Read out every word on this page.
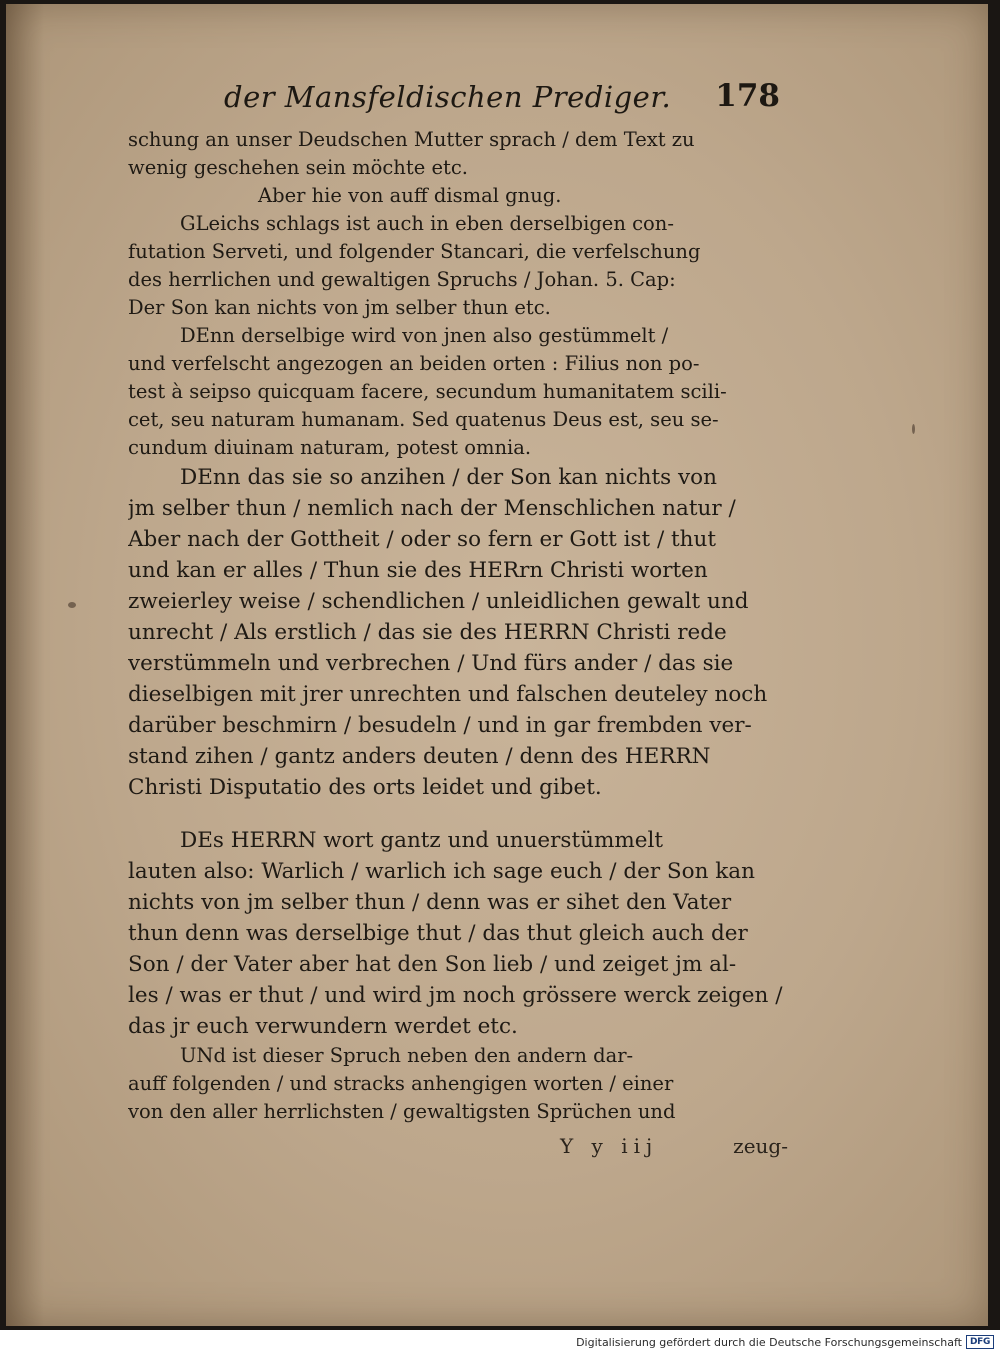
der Mansfeldischen Prediger. 178
schung an unser Deudschen Mutter sprach / dem Text zu
wenig geschehen sein möchte etc.
Aber hie von auff dismal gnug.
GLeichs schlags ist auch in eben derselbigen con-
futation Serveti, und folgender Stancari, die verfelschung
des herrlichen und gewaltigen Spruchs / Johan. 5. Cap:
Der Son kan nichts von jm selber thun etc.
DEnn derselbige wird von jnen also gestümmelt /
und verfelscht angezogen an beiden orten : Filius non po-
test à seipso quicquam facere, secundum humanitatem scili-
cet, seu naturam humanam. Sed quatenus Deus est, seu se-
cundum diuinam naturam, potest omnia.
DEnn das sie so anzihen / der Son kan nichts von
jm selber thun / nemlich nach der Menschlichen natur /
Aber nach der Gottheit / oder so fern er Gott ist / thut
und kan er alles / Thun sie des HERrn Christi worten
zweierley weise / schendlichen / unleidlichen gewalt und
unrecht / Als erstlich / das sie des HERRN Christi rede
verstümmeln und verbrechen / Und fürs ander / das sie
dieselbigen mit jrer unrechten und falschen deuteley noch
darüber beschmirn / besudeln / und in gar frembden ver-
stand zihen / gantz anders deuten / denn des HERRN
Christi Disputatio des orts leidet und gibet.
DEs HERRN wort gantz und unuerstümmelt
lauten also: Warlich / warlich ich sage euch / der Son kan
nichts von jm selber thun / denn was er sihet den Vater
thun denn was derselbige thut / das thut gleich auch der
Son / der Vater aber hat den Son lieb / und zeiget jm al-
les / was er thut / und wird jm noch grössere werck zeigen /
das jr euch verwundern werdet etc.
UNd ist dieser Spruch neben den andern dar-
auff folgenden / und stracks anhengigen worten / einer
von den aller herrlichsten / gewaltigsten Sprüchen und
Y y iij	zeug-
Digitalisierung gefördert durch die Deutsche Forschungsgemeinschaft DFG
